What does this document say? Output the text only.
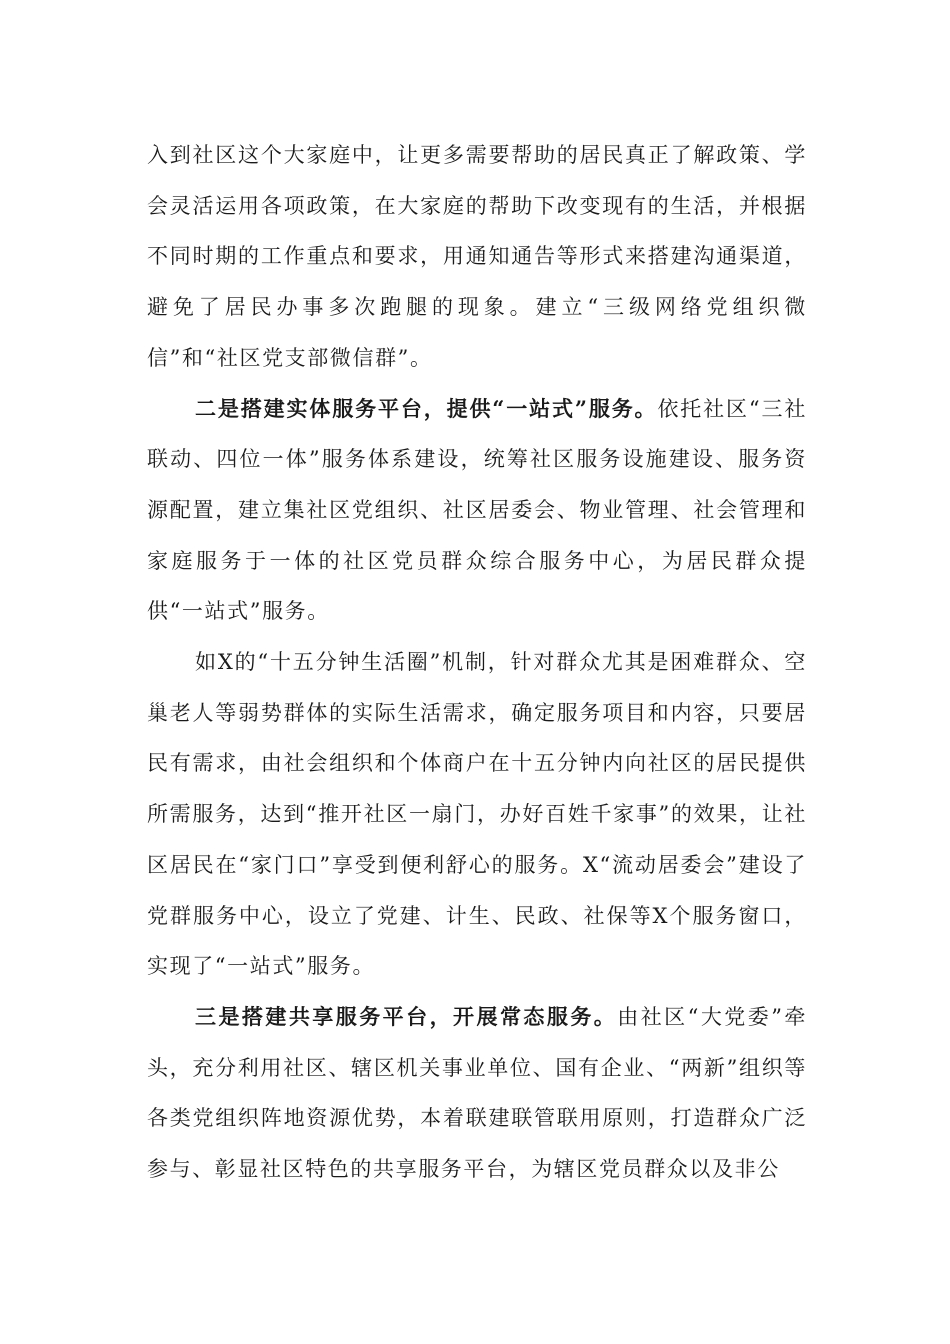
入到社区这个大家庭中，让更多需要帮助的居民真正了解政策、学会灵活运用各项政策，在大家庭的帮助下改变现有的生活，并根据不同时期的工作重点和要求，用通知通告等形式来搭建沟通渠道，避免了居民办事多次跑腿的现象。建立“三级网络党组织微信”和“社区党支部微信群”。

二是搭建实体服务平台，提供“一站式”服务。依托社区“三社联动、四位一体”服务体系建设，统筹社区服务设施建设、服务资源配置，建立集社区党组织、社区居委会、物业管理、社会管理和家庭服务于一体的社区党员群众综合服务中心，为居民群众提供“一站式”服务。

如X的“十五分钟生活圈”机制，针对群众尤其是困难群众、空巢老人等弱势群体的实际生活需求，确定服务项目和内容，只要居民有需求，由社会组织和个体商户在十五分钟内向社区的居民提供所需服务，达到“推开社区一扇门，办好百姓千家事”的效果，让社区居民在“家门口”享受到便利舒心的服务。X“流动居委会”建设了党群服务中心，设立了党建、计生、民政、社保等X个服务窗口，实现了“一站式”服务。

三是搭建共享服务平台，开展常态服务。由社区“大党委”牵头，充分利用社区、辖区机关事业单位、国有企业、“两新”组织等各类党组织阵地资源优势，本着联建联管联用原则，打造群众广泛参与、彰显社区特色的共享服务平台，为辖区党员群众以及非公
